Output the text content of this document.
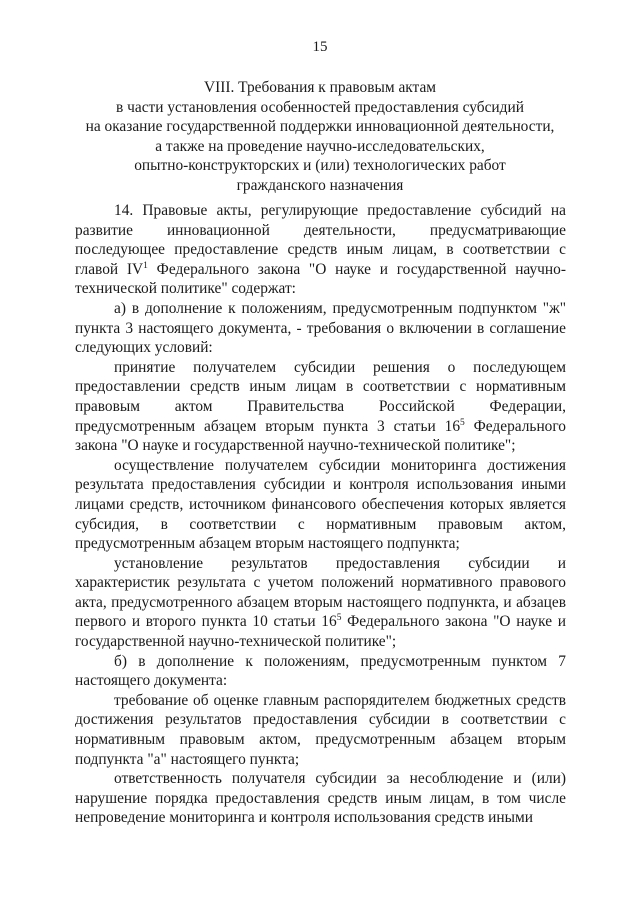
15
VIII. Требования к правовым актам
в части установления особенностей предоставления субсидий
на оказание государственной поддержки инновационной деятельности,
а также на проведение научно-исследовательских,
опытно-конструкторских и (или) технологических работ
гражданского назначения

14. Правовые акты, регулирующие предоставление субсидий на развитие инновационной деятельности, предусматривающие последующее предоставление средств иным лицам, в соответствии с главой $IV^1$ Федерального закона "О науке и государственной научно-технической политике" содержат:

а) в дополнение к положениям, предусмотренным подпунктом "ж" пункта 3 настоящего документа, - требования о включении в соглашение следующих условий:

принятие получателем субсидии решения о последующем предоставлении средств иным лицам в соответствии с нормативным правовым актом Правительства Российской Федерации, предусмотренным абзацем вторым пункта 3 статьи $16^5$ Федерального закона "О науке и государственной научно-технической политике";

осуществление получателем субсидии мониторинга достижения результата предоставления субсидии и контроля использования иными лицами средств, источником финансового обеспечения которых является субсидия, в соответствии с нормативным правовым актом, предусмотренным абзацем вторым настоящего подпункта;

установление результатов предоставления субсидии и характеристик результата с учетом положений нормативного правового акта, предусмотренного абзацем вторым настоящего подпункта, и абзацев первого и второго пункта 10 статьи $16^5$ Федерального закона "О науке и государственной научно-технической политике";

б) в дополнение к положениям, предусмотренным пунктом 7 настоящего документа:

требование об оценке главным распорядителем бюджетных средств достижения результатов предоставления субсидии в соответствии с нормативным правовым актом, предусмотренным абзацем вторым подпункта "а" настоящего пункта;

ответственность получателя субсидии за несоблюдение и (или) нарушение порядка предоставления средств иным лицам, в том числе непроведение мониторинга и контроля использования средств иными
